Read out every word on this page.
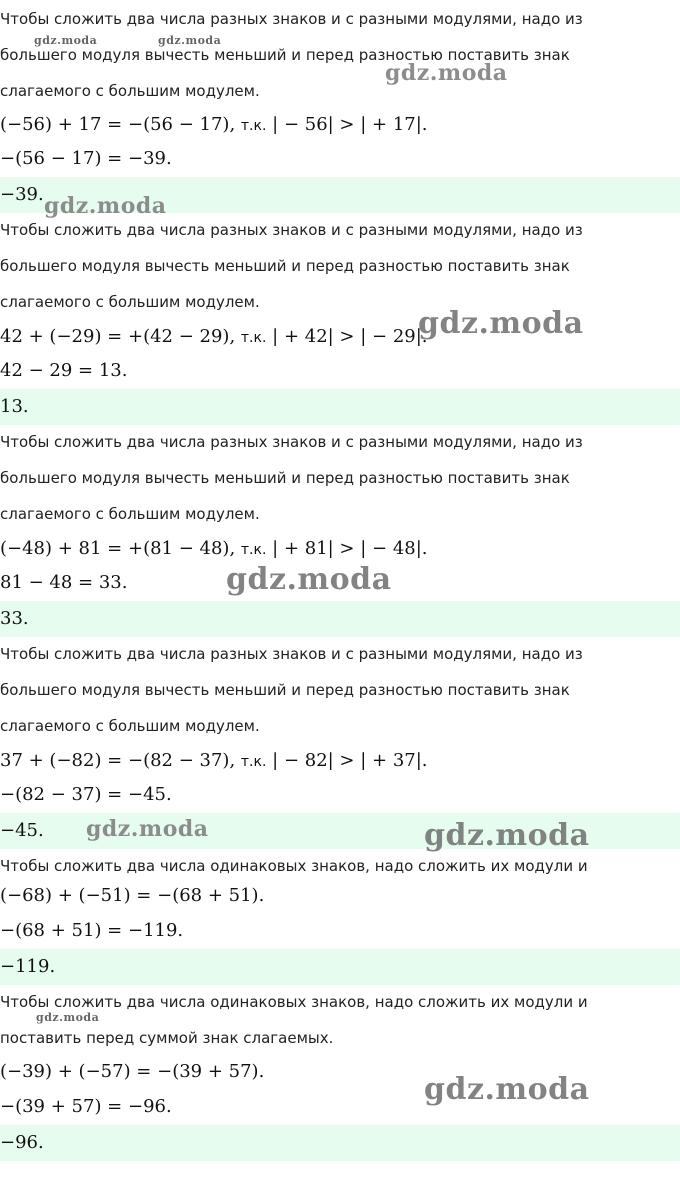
Чтобы сложить два числа разных знаков и с разными модулями, надо из
большего модуля вычесть меньший и перед разностью поставить знак
слагаемого с большим модулем.
(−56) + 17 = −(56 − 17), т.к. | − 56| > | + 17|.
−(56 − 17) = −39.
−39.
Чтобы сложить два числа разных знаков и с разными модулями, надо из
большего модуля вычесть меньший и перед разностью поставить знак
слагаемого с большим модулем.
42 + (−29) = +(42 − 29), т.к. | + 42| > | − 29|.
42 − 29 = 13.
13.
Чтобы сложить два числа разных знаков и с разными модулями, надо из
большего модуля вычесть меньший и перед разностью поставить знак
слагаемого с большим модулем.
(−48) + 81 = +(81 − 48), т.к. | + 81| > | − 48|.
81 − 48 = 33.
33.
Чтобы сложить два числа разных знаков и с разными модулями, надо из
большего модуля вычесть меньший и перед разностью поставить знак
слагаемого с большим модулем.
37 + (−82) = −(82 − 37), т.к. | − 82| > | + 37|.
−(82 − 37) = −45.
−45.
Чтобы сложить два числа одинаковых знаков, надо сложить их модули и
(−68) + (−51) = −(68 + 51).
−(68 + 51) = −119.
−119.
Чтобы сложить два числа одинаковых знаков, надо сложить их модули и
поставить перед суммой знак слагаемых.
(−39) + (−57) = −(39 + 57).
−(39 + 57) = −96.
−96.
gdz.moda	gdz.moda
gdz.moda
gdz.moda
gdz.moda
gdz.moda
gdz.moda	gdz.moda
gdz.moda
gdz.moda
